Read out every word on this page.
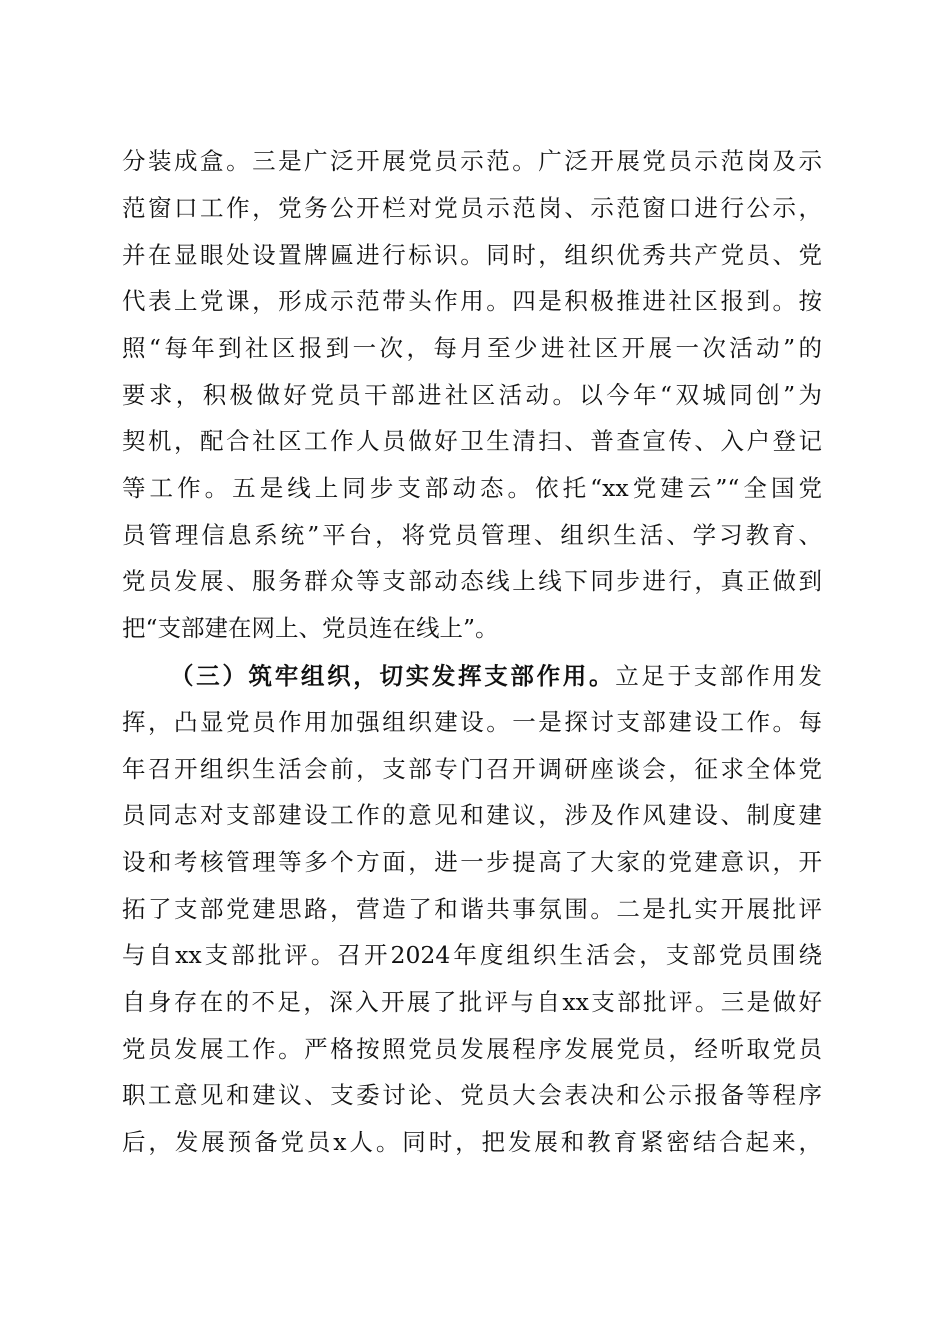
分装成盒。三是广泛开展党员示范。广泛开展党员示范岗及示
范窗口工作，党务公开栏对党员示范岗、示范窗口进行公示，
并在显眼处设置牌匾进行标识。同时，组织优秀共产党员、党
代表上党课，形成示范带头作用。四是积极推进社区报到。按
照“每年到社区报到一次，每月至少进社区开展一次活动”的
要求，积极做好党员干部进社区活动。以今年“双城同创”为
契机，配合社区工作人员做好卫生清扫、普查宣传、入户登记
等工作。五是线上同步支部动态。依托“xx党建云”“全国党
员管理信息系统”平台，将党员管理、组织生活、学习教育、
党员发展、服务群众等支部动态线上线下同步进行，真正做到
把“支部建在网上、党员连在线上”。
（三）筑牢组织，切实发挥支部作用。立足于支部作用发
挥，凸显党员作用加强组织建设。一是探讨支部建设工作。每
年召开组织生活会前，支部专门召开调研座谈会，征求全体党
员同志对支部建设工作的意见和建议，涉及作风建设、制度建
设和考核管理等多个方面，进一步提高了大家的党建意识，开
拓了支部党建思路，营造了和谐共事氛围。二是扎实开展批评
与自xx支部批评。召开2024年度组织生活会，支部党员围绕
自身存在的不足，深入开展了批评与自xx支部批评。三是做好
党员发展工作。严格按照党员发展程序发展党员，经听取党员
职工意见和建议、支委讨论、党员大会表决和公示报备等程序
后，发展预备党员x人。同时，把发展和教育紧密结合起来，
